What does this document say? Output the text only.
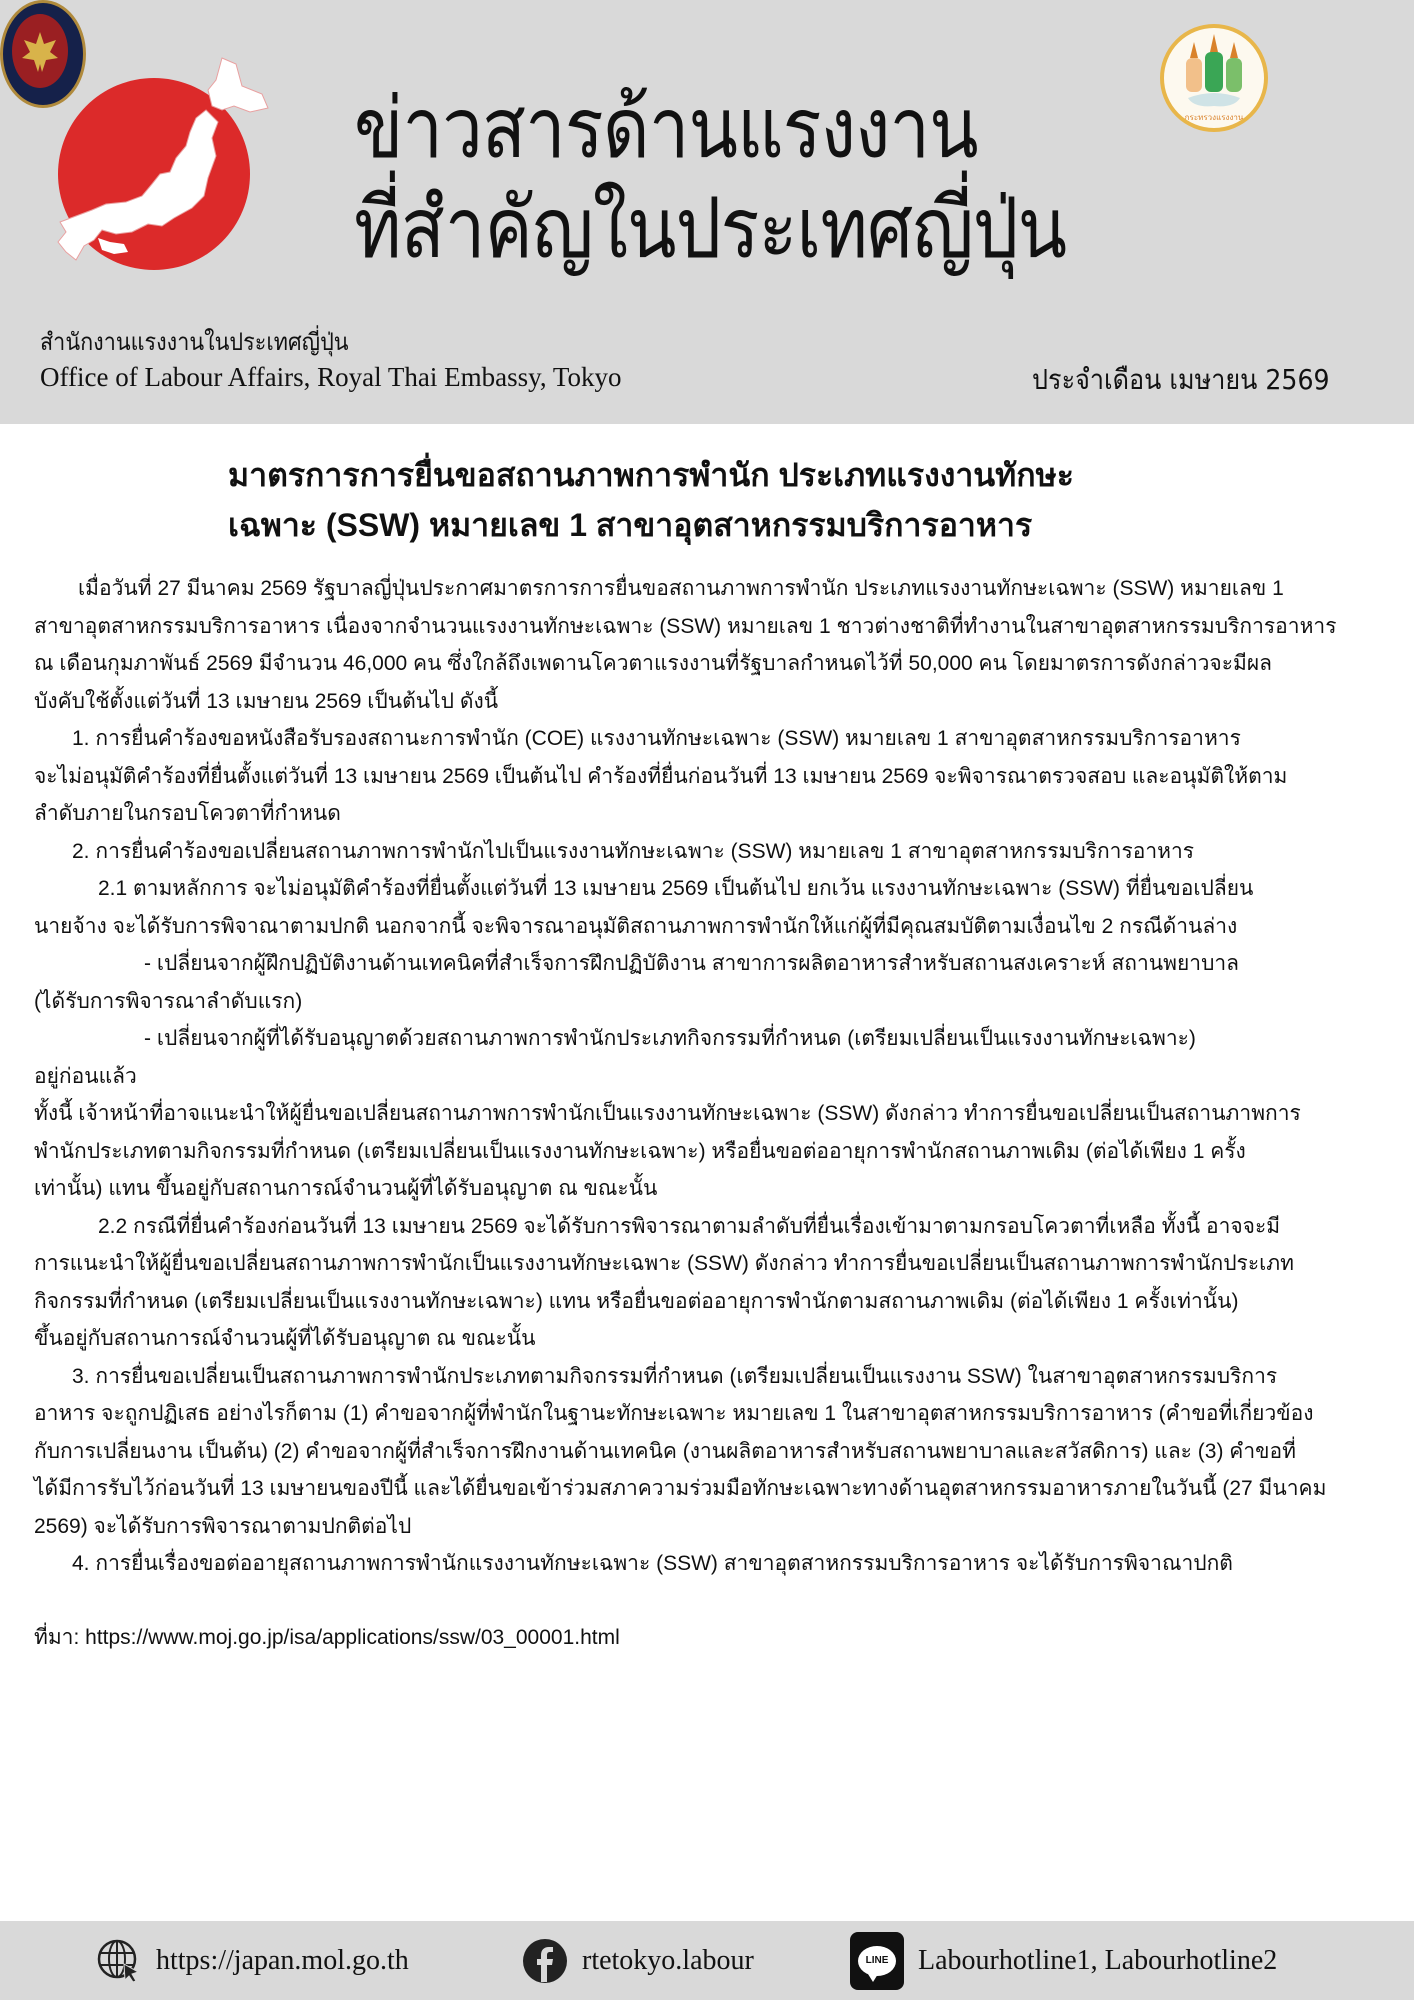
ข่าวสารด้านแรงงาน
ที่สำคัญในประเทศญี่ปุ่น
กระทรวงแรงงาน
สำนักงานแรงงานในประเทศญี่ปุ่น
Office of Labour Affairs, Royal Thai Embassy, Tokyo	ประจำเดือน เมษายน 2569
มาตรการการยื่นขอสถานภาพการพำนัก ประเภทแรงงานทักษะ
เฉพาะ (SSW) หมายเลข 1 สาขาอุตสาหกรรมบริการอาหาร
เมื่อวันที่ 27 มีนาคม 2569 รัฐบาลญี่ปุ่นประกาศมาตรการการยื่นขอสถานภาพการพำนัก ประเภทแรงงานทักษะเฉพาะ (SSW) หมายเลข 1
สาขาอุตสาหกรรมบริการอาหาร เนื่องจากจำนวนแรงงานทักษะเฉพาะ (SSW) หมายเลข 1 ชาวต่างชาติที่ทำงานในสาขาอุตสาหกรรมบริการอาหาร
ณ เดือนกุมภาพันธ์ 2569 มีจำนวน 46,000 คน ซึ่งใกล้ถึงเพดานโควตาแรงงานที่รัฐบาลกำหนดไว้ที่ 50,000 คน โดยมาตรการดังกล่าวจะมีผล
บังคับใช้ตั้งแต่วันที่ 13 เมษายน 2569 เป็นต้นไป ดังนี้
1. การยื่นคำร้องขอหนังสือรับรองสถานะการพำนัก (COE) แรงงานทักษะเฉพาะ (SSW) หมายเลข 1 สาขาอุตสาหกรรมบริการอาหาร
จะไม่อนุมัติคำร้องที่ยื่นตั้งแต่วันที่ 13 เมษายน 2569 เป็นต้นไป คำร้องที่ยื่นก่อนวันที่ 13 เมษายน 2569 จะพิจารณาตรวจสอบ และอนุมัติให้ตาม
ลำดับภายในกรอบโควตาที่กำหนด
2. การยื่นคำร้องขอเปลี่ยนสถานภาพการพำนักไปเป็นแรงงานทักษะเฉพาะ (SSW) หมายเลข 1 สาขาอุตสาหกรรมบริการอาหาร
2.1 ตามหลักการ จะไม่อนุมัติคำร้องที่ยื่นตั้งแต่วันที่ 13 เมษายน 2569 เป็นต้นไป ยกเว้น แรงงานทักษะเฉพาะ (SSW) ที่ยื่นขอเปลี่ยน
นายจ้าง จะได้รับการพิจาณาตามปกติ นอกจากนี้ จะพิจารณาอนุมัติสถานภาพการพำนักให้แก่ผู้ที่มีคุณสมบัติตามเงื่อนไข 2 กรณีด้านล่าง
- เปลี่ยนจากผู้ฝึกปฏิบัติงานด้านเทคนิคที่สำเร็จการฝึกปฏิบัติงาน สาขาการผลิตอาหารสำหรับสถานสงเคราะห์ สถานพยาบาล
(ได้รับการพิจารณาลำดับแรก)
- เปลี่ยนจากผู้ที่ได้รับอนุญาตด้วยสถานภาพการพำนักประเภทกิจกรรมที่กำหนด (เตรียมเปลี่ยนเป็นแรงงานทักษะเฉพาะ)
อยู่ก่อนแล้ว
ทั้งนี้ เจ้าหน้าที่อาจแนะนำให้ผู้ยื่นขอเปลี่ยนสถานภาพการพำนักเป็นแรงงานทักษะเฉพาะ (SSW) ดังกล่าว ทำการยื่นขอเปลี่ยนเป็นสถานภาพการ
พำนักประเภทตามกิจกรรมที่กำหนด (เตรียมเปลี่ยนเป็นแรงงานทักษะเฉพาะ) หรือยื่นขอต่ออายุการพำนักสถานภาพเดิม (ต่อได้เพียง 1 ครั้ง
เท่านั้น) แทน ขึ้นอยู่กับสถานการณ์จำนวนผู้ที่ได้รับอนุญาต ณ ขณะนั้น
2.2 กรณีที่ยื่นคำร้องก่อนวันที่ 13 เมษายน 2569 จะได้รับการพิจารณาตามลำดับที่ยื่นเรื่องเข้ามาตามกรอบโควตาที่เหลือ ทั้งนี้ อาจจะมี
การแนะนำให้ผู้ยื่นขอเปลี่ยนสถานภาพการพำนักเป็นแรงงานทักษะเฉพาะ (SSW) ดังกล่าว ทำการยื่นขอเปลี่ยนเป็นสถานภาพการพำนักประเภท
กิจกรรมที่กำหนด (เตรียมเปลี่ยนเป็นแรงงานทักษะเฉพาะ) แทน หรือยื่นขอต่ออายุการพำนักตามสถานภาพเดิม (ต่อได้เพียง 1 ครั้งเท่านั้น)
ขึ้นอยู่กับสถานการณ์จำนวนผู้ที่ได้รับอนุญาต ณ ขณะนั้น
3. การยื่นขอเปลี่ยนเป็นสถานภาพการพำนักประเภทตามกิจกรรมที่กำหนด (เตรียมเปลี่ยนเป็นแรงงาน SSW) ในสาขาอุตสาหกรรมบริการ
อาหาร จะถูกปฏิเสธ อย่างไรก็ตาม (1) คำขอจากผู้ที่พำนักในฐานะทักษะเฉพาะ หมายเลข 1 ในสาขาอุตสาหกรรมบริการอาหาร (คำขอที่เกี่ยวข้อง
กับการเปลี่ยนงาน เป็นต้น) (2) คำขอจากผู้ที่สำเร็จการฝึกงานด้านเทคนิค (งานผลิตอาหารสำหรับสถานพยาบาลและสวัสดิการ) และ (3) คำขอที่
ได้มีการรับไว้ก่อนวันที่ 13 เมษายนของปีนี้ และได้ยื่นขอเข้าร่วมสภาความร่วมมือทักษะเฉพาะทางด้านอุตสาหกรรมอาหารภายในวันนี้ (27 มีนาคม
2569) จะได้รับการพิจารณาตามปกติต่อไป
4. การยื่นเรื่องขอต่ออายุสถานภาพการพำนักแรงงานทักษะเฉพาะ (SSW) สาขาอุตสาหกรรมบริการอาหาร จะได้รับการพิจาณาปกติ
ที่มา: https://www.moj.go.jp/isa/applications/ssw/03_00001.html
https://japan.mol.go.th	rtetokyo.labour	LINE Labourhotline1, Labourhotline2
